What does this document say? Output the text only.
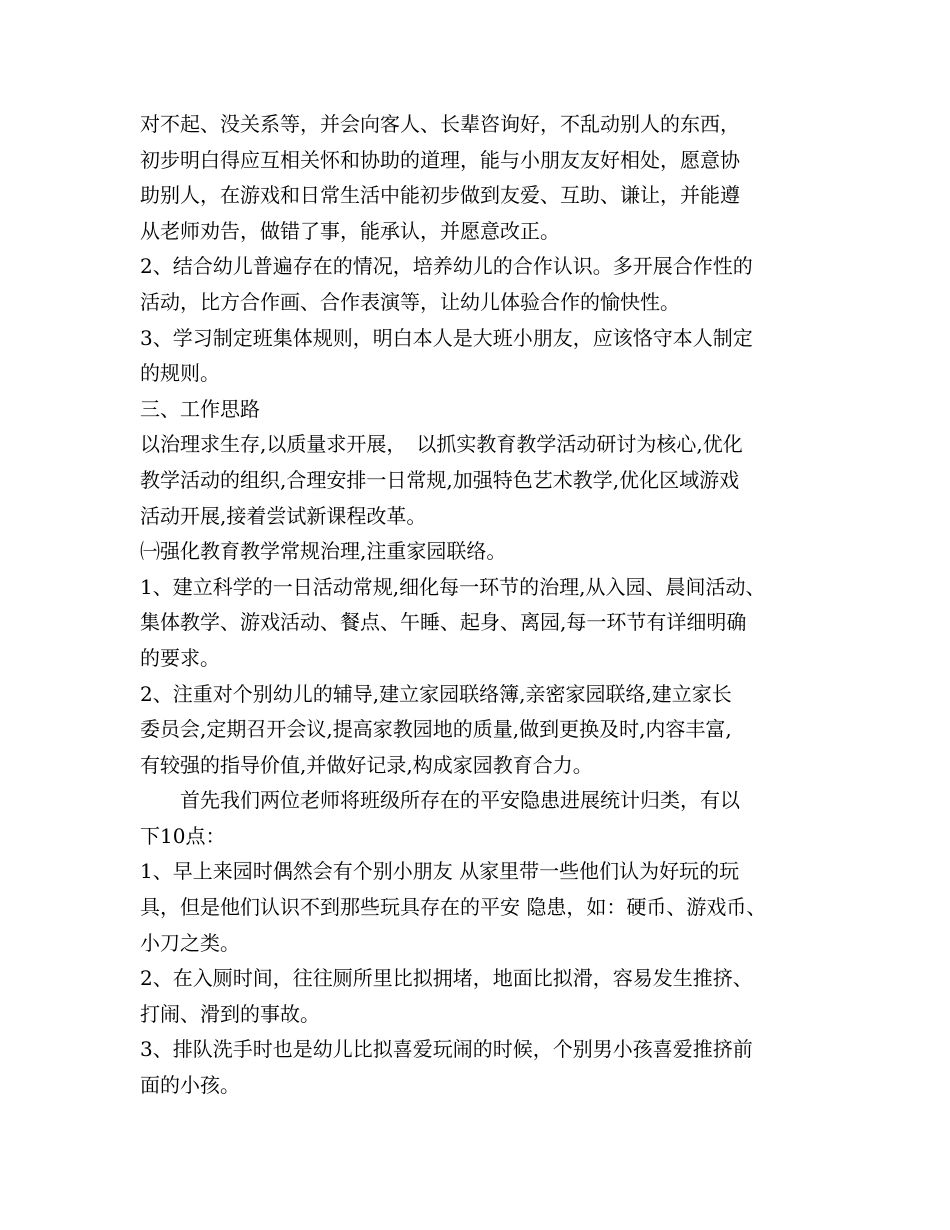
对不起、没关系等，并会向客人、长辈咨询好，不乱动别人的东西，
初步明白得应互相关怀和协助的道理，能与小朋友友好相处，愿意协
助别人，在游戏和日常生活中能初步做到友爱、互助、谦让，并能遵
从老师劝告，做错了事，能承认，并愿意改正。
2、结合幼儿普遍存在的情况，培养幼儿的合作认识。多开展合作性的
活动，比方合作画、合作表演等，让幼儿体验合作的愉快性。
3、学习制定班集体规则，明白本人是大班小朋友，应该恪守本人制定
的规则。
三、工作思路
以治理求生存,以质量求开展，　以抓实教育教学活动研讨为核心,优化
教学活动的组织,合理安排一日常规,加强特色艺术教学,优化区域游戏
活动开展,接着尝试新课程改革。
㈠强化教育教学常规治理,注重家园联络。
1、建立科学的一日活动常规,细化每一环节的治理,从入园、晨间活动、
集体教学、游戏活动、餐点、午睡、起身、离园,每一环节有详细明确
的要求。
2、注重对个别幼儿的辅导,建立家园联络簿,亲密家园联络,建立家长
委员会,定期召开会议,提高家教园地的质量,做到更换及时,内容丰富,
有较强的指导价值,并做好记录,构成家园教育合力。
首先我们两位老师将班级所存在的平安隐患进展统计归类，有以
下10点：
1、早上来园时偶然会有个别小朋友 从家里带一些他们认为好玩的玩
具，但是他们认识不到那些玩具存在的平安 隐患，如：硬币、游戏币、
小刀之类。
2、在入厕时间，往往厕所里比拟拥堵，地面比拟滑，容易发生推挤、
打闹、滑到的事故。
3、排队洗手时也是幼儿比拟喜爱玩闹的时候，个别男小孩喜爱推挤前
面的小孩。
